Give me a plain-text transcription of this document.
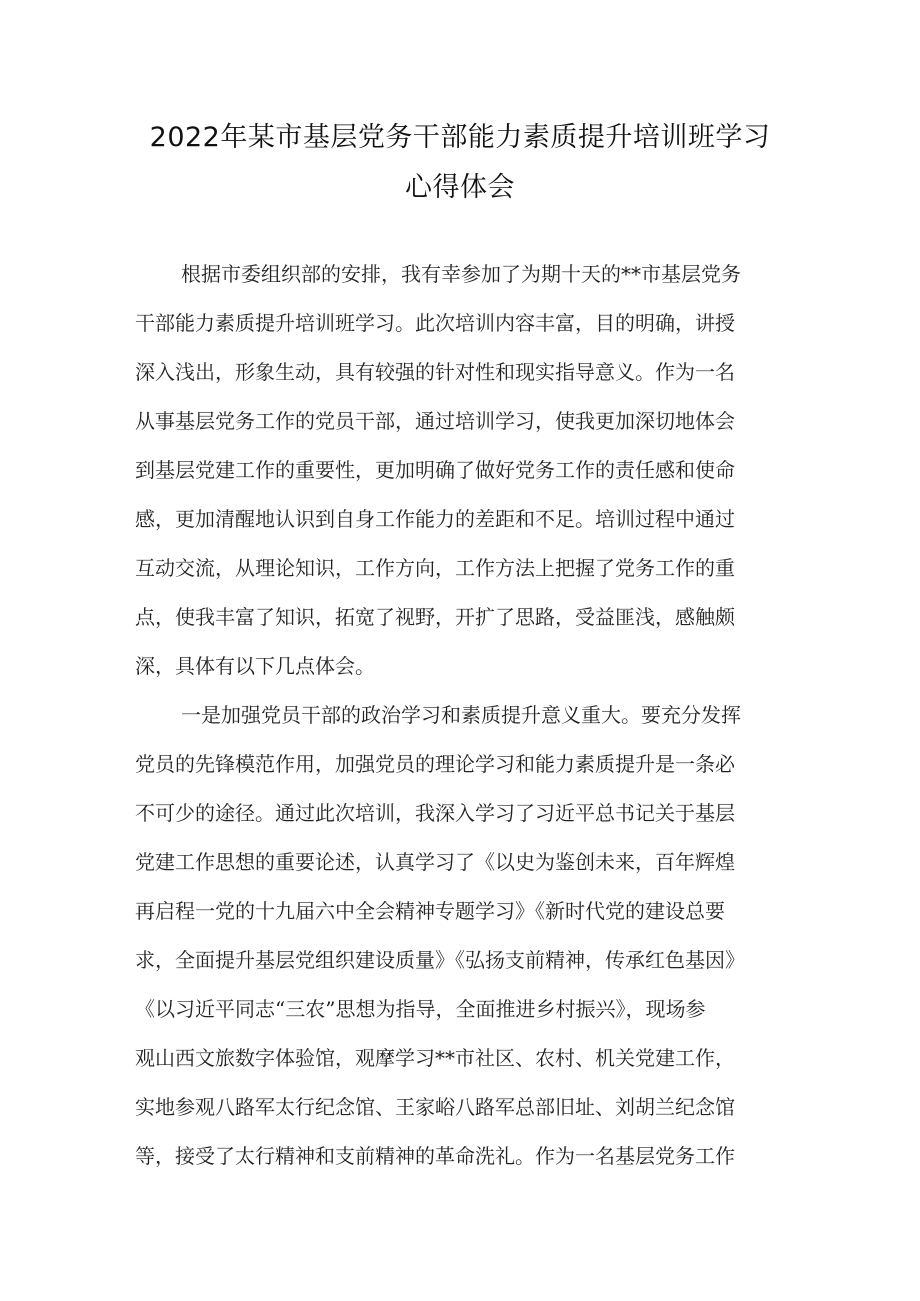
2022年某市基层党务干部能力素质提升培训班学习
心得体会
根据市委组织部的安排，我有幸参加了为期十天的**市基层党务
干部能力素质提升培训班学习。此次培训内容丰富，目的明确，讲授
深入浅出，形象生动，具有较强的针对性和现实指导意义。作为一名
从事基层党务工作的党员干部，通过培训学习，使我更加深切地体会
到基层党建工作的重要性，更加明确了做好党务工作的责任感和使命
感，更加清醒地认识到自身工作能力的差距和不足。培训过程中通过
互动交流，从理论知识，工作方向，工作方法上把握了党务工作的重
点，使我丰富了知识，拓宽了视野，开扩了思路，受益匪浅，感触颇
深，具体有以下几点体会。
一是加强党员干部的政治学习和素质提升意义重大。要充分发挥
党员的先锋模范作用，加强党员的理论学习和能力素质提升是一条必
不可少的途径。通过此次培训，我深入学习了习近平总书记关于基层
党建工作思想的重要论述，认真学习了《以史为鉴创未来，百年辉煌
再启程一党的十九届六中全会精神专题学习》《新时代党的建设总要
求，全面提升基层党组织建设质量》《弘扬支前精神，传承红色基因》
《以习近平同志“三农”思想为指导，全面推进乡村振兴》，现场参
观山西文旅数字体验馆，观摩学习**市社区、农村、机关党建工作，
实地参观八路军太行纪念馆、王家峪八路军总部旧址、刘胡兰纪念馆
等，接受了太行精神和支前精神的革命洗礼。作为一名基层党务工作
